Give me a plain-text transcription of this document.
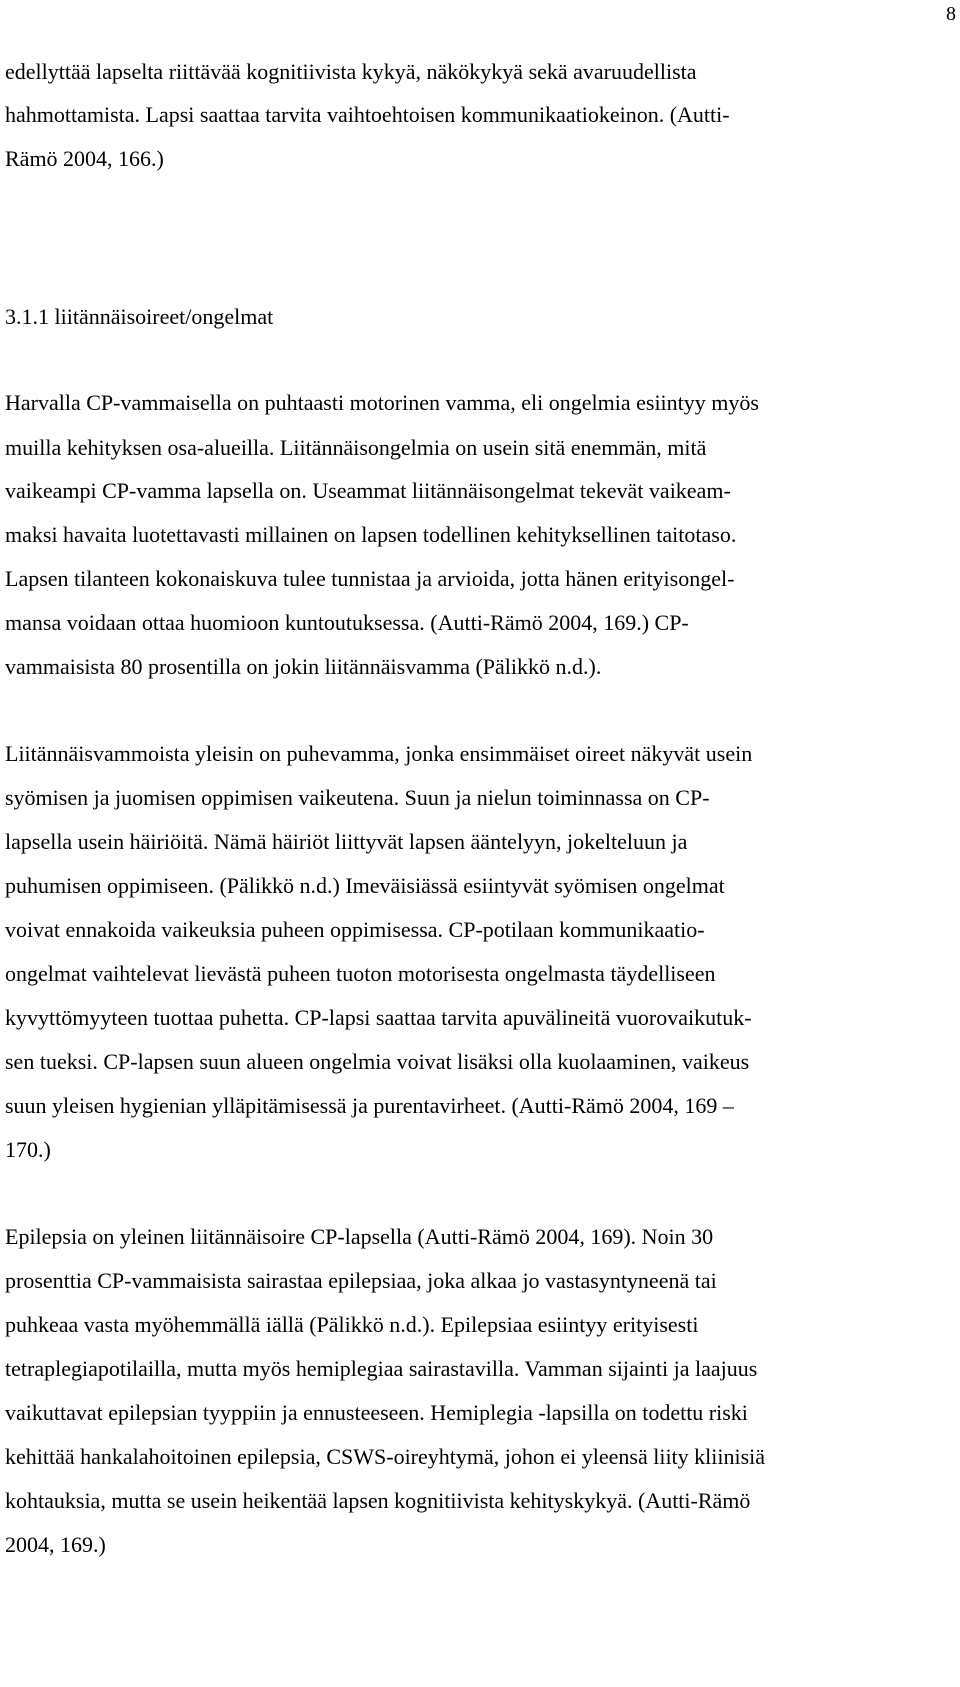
8
edellyttää lapselta riittävää kognitiivista kykyä, näkökykyä sekä avaruudellista
hahmottamista. Lapsi saattaa tarvita vaihtoehtoisen kommunikaatiokeinon. (Autti-
Rämö 2004, 166.)
3.1.1 liitännäisoireet/ongelmat
Harvalla CP-vammaisella on puhtaasti motorinen vamma, eli ongelmia esiintyy myös
muilla kehityksen osa-alueilla. Liitännäisongelmia on usein sitä enemmän, mitä
vaikeampi CP-vamma lapsella on. Useammat liitännäisongelmat tekevät vaikeam-
maksi havaita luotettavasti millainen on lapsen todellinen kehityksellinen taitotaso.
Lapsen tilanteen kokonaiskuva tulee tunnistaa ja arvioida, jotta hänen erityisongel-
mansa voidaan ottaa huomioon kuntoutuksessa. (Autti-Rämö 2004, 169.) CP-
vammaisista 80 prosentilla on jokin liitännäisvamma (Pälikkö n.d.).
Liitännäisvammoista yleisin on puhevamma, jonka ensimmäiset oireet näkyvät usein
syömisen ja juomisen oppimisen vaikeutena. Suun ja nielun toiminnassa on CP-
lapsella usein häiriöitä. Nämä häiriöt liittyvät lapsen ääntelyyn, jokelteluun ja
puhumisen oppimiseen. (Pälikkö n.d.) Imeväisiässä esiintyvät syömisen ongelmat
voivat ennakoida vaikeuksia puheen oppimisessa. CP-potilaan kommunikaatio-
ongelmat vaihtelevat lievästä puheen tuoton motorisesta ongelmasta täydelliseen
kyvyttömyyteen tuottaa puhetta. CP-lapsi saattaa tarvita apuvälineitä vuorovaikutuk-
sen tueksi. CP-lapsen suun alueen ongelmia voivat lisäksi olla kuolaaminen, vaikeus
suun yleisen hygienian ylläpitämisessä ja purentavirheet. (Autti-Rämö 2004, 169 –
170.)
Epilepsia on yleinen liitännäisoire CP-lapsella (Autti-Rämö 2004, 169). Noin 30
prosenttia CP-vammaisista sairastaa epilepsiaa, joka alkaa jo vastasyntyneenä tai
puhkeaa vasta myöhemmällä iällä (Pälikkö n.d.). Epilepsiaa esiintyy erityisesti
tetraplegiapotilailla, mutta myös hemiplegiaa sairastavilla. Vamman sijainti ja laajuus
vaikuttavat epilepsian tyyppiin ja ennusteeseen. Hemiplegia -lapsilla on todettu riski
kehittää hankalahoitoinen epilepsia, CSWS-oireyhtymä, johon ei yleensä liity kliinisiä
kohtauksia, mutta se usein heikentää lapsen kognitiivista kehityskykyä. (Autti-Rämö
2004, 169.)
